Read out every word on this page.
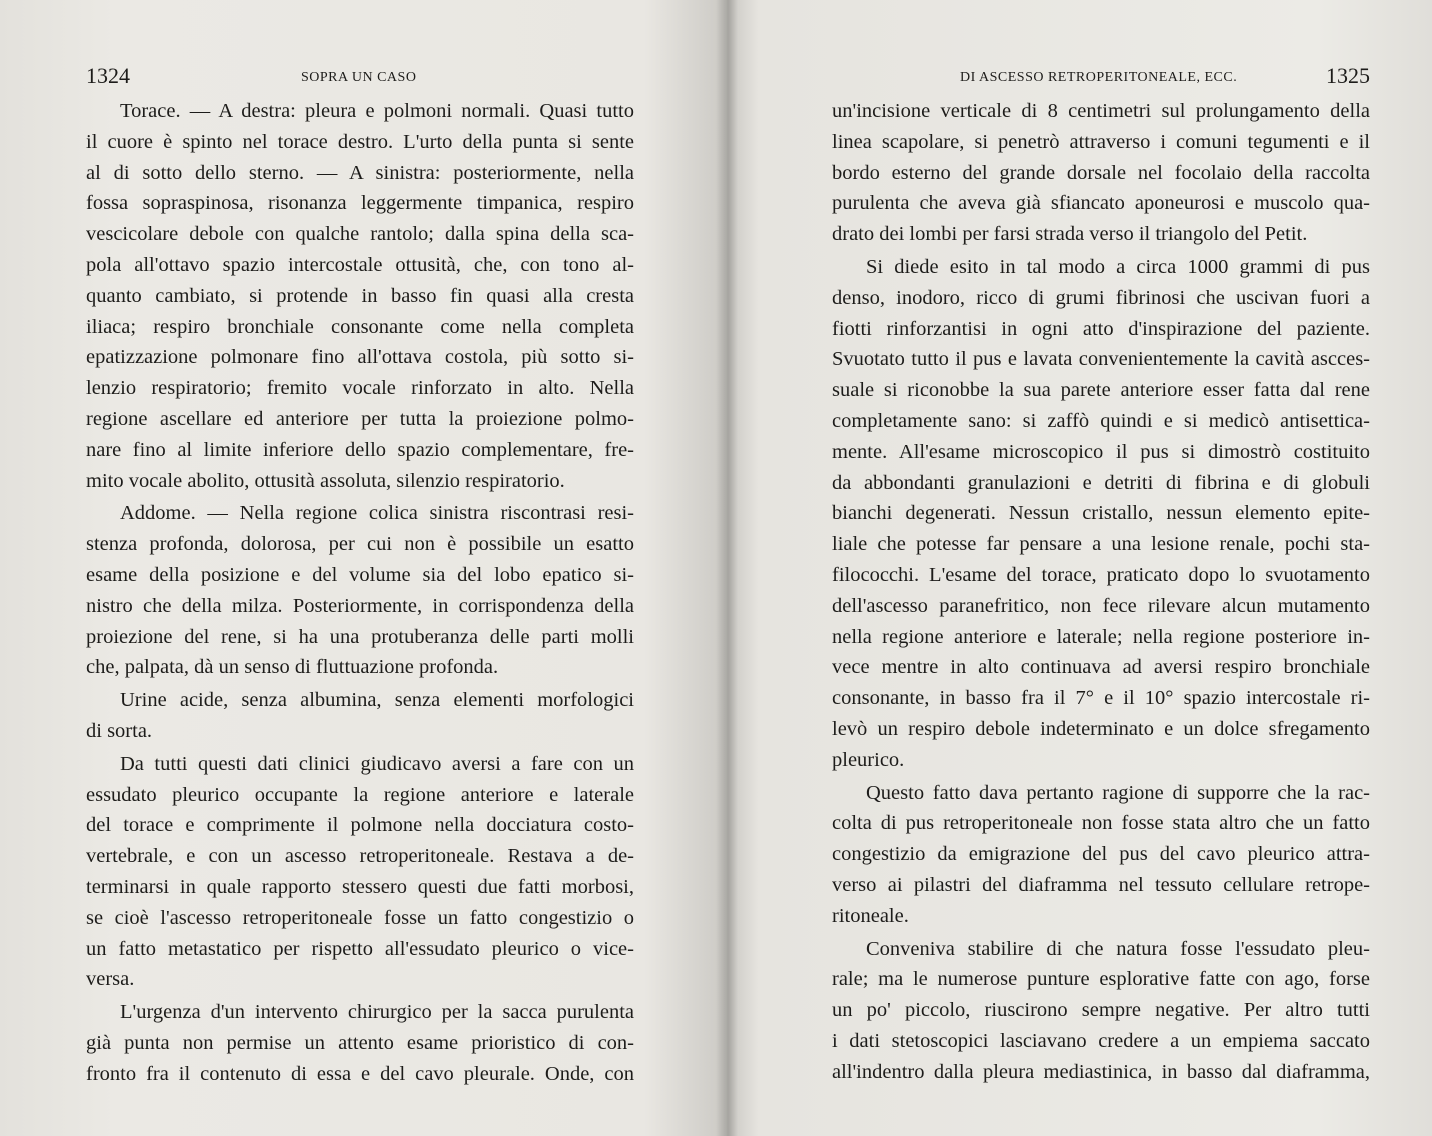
1324	SOPRA UN CASO
Torace. — A destra: pleura e polmoni normali. Quasi tutto
il cuore è spinto nel torace destro. L'urto della punta si sente
al di sotto dello sterno. — A sinistra: posteriormente, nella
fossa sopraspinosa, risonanza leggermente timpanica, respiro
vescicolare debole con qualche rantolo; dalla spina della sca-
pola all'ottavo spazio intercostale ottusità, che, con tono al-
quanto cambiato, si protende in basso fin quasi alla cresta
iliaca; respiro bronchiale consonante come nella completa
epatizzazione polmonare fino all'ottava costola, più sotto si-
lenzio respiratorio; fremito vocale rinforzato in alto. Nella
regione ascellare ed anteriore per tutta la proiezione polmo-
nare fino al limite inferiore dello spazio complementare, fre-
mito vocale abolito, ottusità assoluta, silenzio respiratorio.
Addome. — Nella regione colica sinistra riscontrasi resi-
stenza profonda, dolorosa, per cui non è possibile un esatto
esame della posizione e del volume sia del lobo epatico si-
nistro che della milza. Posteriormente, in corrispondenza della
proiezione del rene, si ha una protuberanza delle parti molli
che, palpata, dà un senso di fluttuazione profonda.
Urine acide, senza albumina, senza elementi morfologici
di sorta.
Da tutti questi dati clinici giudicavo aversi a fare con un
essudato pleurico occupante la regione anteriore e laterale
del torace e comprimente il polmone nella docciatura costo-
vertebrale, e con un ascesso retroperitoneale. Restava a de-
terminarsi in quale rapporto stessero questi due fatti morbosi,
se cioè l'ascesso retroperitoneale fosse un fatto congestizio o
un fatto metastatico per rispetto all'essudato pleurico o vice-
versa.
L'urgenza d'un intervento chirurgico per la sacca purulenta
già punta non permise un attento esame prioristico di con-
fronto fra il contenuto di essa e del cavo pleurale. Onde, con
DI ASCESSO RETROPERITONEALE, ECC.	1325
un'incisione verticale di 8 centimetri sul prolungamento della
linea scapolare, si penetrò attraverso i comuni tegumenti e il
bordo esterno del grande dorsale nel focolaio della raccolta
purulenta che aveva già sfiancato aponeurosi e muscolo qua-
drato dei lombi per farsi strada verso il triangolo del Petit.
Si diede esito in tal modo a circa 1000 grammi di pus
denso, inodoro, ricco di grumi fibrinosi che uscivan fuori a
fiotti rinforzantisi in ogni atto d'inspirazione del paziente.
Svuotato tutto il pus e lavata convenientemente la cavità ascces-
suale si riconobbe la sua parete anteriore esser fatta dal rene
completamente sano: si zaffò quindi e si medicò antisettica-
mente. All'esame microscopico il pus si dimostrò costituito
da abbondanti granulazioni e detriti di fibrina e di globuli
bianchi degenerati. Nessun cristallo, nessun elemento epite-
liale che potesse far pensare a una lesione renale, pochi sta-
filococchi. L'esame del torace, praticato dopo lo svuotamento
dell'ascesso paranefritico, non fece rilevare alcun mutamento
nella regione anteriore e laterale; nella regione posteriore in-
vece mentre in alto continuava ad aversi respiro bronchiale
consonante, in basso fra il 7° e il 10° spazio intercostale ri-
levò un respiro debole indeterminato e un dolce sfregamento
pleurico.
Questo fatto dava pertanto ragione di supporre che la rac-
colta di pus retroperitoneale non fosse stata altro che un fatto
congestizio da emigrazione del pus del cavo pleurico attra-
verso ai pilastri del diaframma nel tessuto cellulare retrope-
ritoneale.
Conveniva stabilire di che natura fosse l'essudato pleu-
rale; ma le numerose punture esplorative fatte con ago, forse
un po' piccolo, riuscirono sempre negative. Per altro tutti
i dati stetoscopici lasciavano credere a un empiema saccato
all'indentro dalla pleura mediastinica, in basso dal diaframma,
